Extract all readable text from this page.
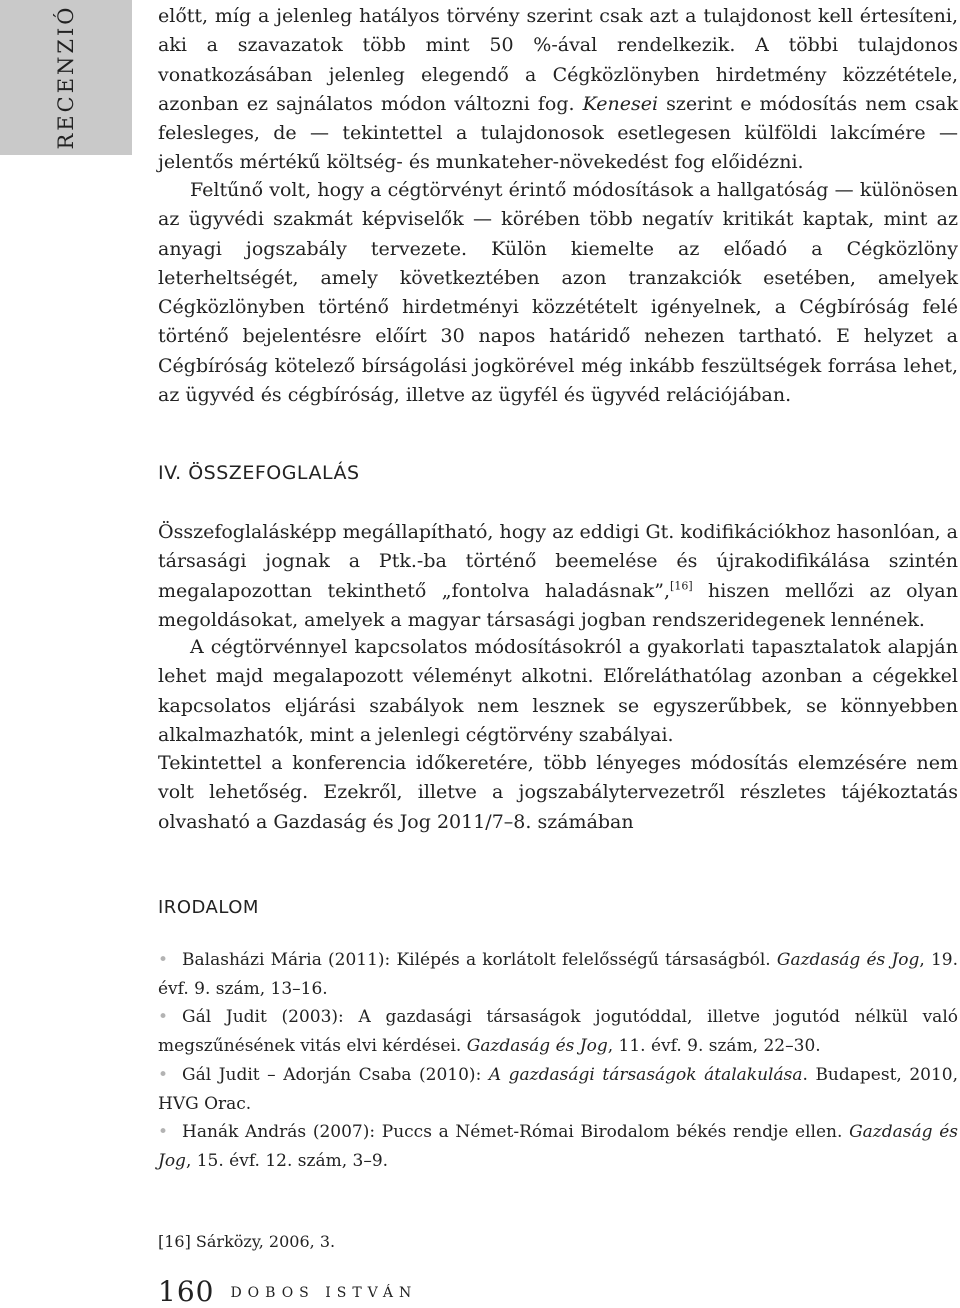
RECENZIÓ	előtt, míg a jelenleg hatályos törvény szerint csak azt a tulajdonost kell értesíteni, aki a szavazatok több mint 50 %-ával rendelkezik. A többi tulajdonos vonatkozásában jelenleg elegendő a Cégközlönyben hirdetmény közzététele, azonban ez sajnálatos módon változni fog. Kenesei szerint e módosítás nem csak felesleges, de — tekintettel a tulajdonosok esetlegesen külföldi lakcímére — jelentős mértékű költség- és munkateher-növekedést fog előidézni.

Feltűnő volt, hogy a cégtörvényt érintő módosítások a hallgatóság — különösen az ügyvédi szakmát képviselők — körében több negatív kritikát kaptak, mint az anyagi jogszabály tervezete. Külön kiemelte az előadó a Cégközlöny leterheltségét, amely következtében azon tranzakciók esetében, amelyek Cégközlönyben történő hirdetményi közzétételt igényelnek, a Cégbíróság felé történő bejelentésre előírt 30 napos határidő nehezen tartható. E helyzet a Cégbíróság kötelező bírságolási jogkörével még inkább feszültségek forrása lehet, az ügyvéd és cégbíróság, illetve az ügyfél és ügyvéd relációjában.

IV. ÖSSZEFOGLALÁS

Összefoglalásképp megállapítható, hogy az eddigi Gt. kodifikációkhoz hasonlóan, a társasági jognak a Ptk.-ba történő beemelése és újrakodifikálása szintén megalapozottan tekinthető „fontolva haladásnak”,[16] hiszen mellőzi az olyan megoldásokat, amelyek a magyar társasági jogban rendszeridegenek lennének.

A cégtörvénnyel kapcsolatos módosításokról a gyakorlati tapasztalatok alapján lehet majd megalapozott véleményt alkotni. Előreláthatólag azonban a cégekkel kapcsolatos eljárási szabályok nem lesznek se egyszerűbbek, se könnyebben alkalmazhatók, mint a jelenlegi cégtörvény szabályai.

Tekintettel a konferencia időkeretére, több lényeges módosítás elemzésére nem volt lehetőség. Ezekről, illetve a jogszabálytervezetről részletes tájékoztatás olvasható a Gazdaság és Jog 2011/7–8. számában

IRODALOM

• Balasházi Mária (2011): Kilépés a korlátolt felelősségű társaságból. Gazdaság és Jog, 19. évf. 9. szám, 13–16.

• Gál Judit (2003): A gazdasági társaságok jogutóddal, illetve jogutód nélkül való megszűnésének vitás elvi kérdései. Gazdaság és Jog, 11. évf. 9. szám, 22–30.

• Gál Judit – Adorján Csaba (2010): A gazdasági társaságok átalakulása. Budapest, 2010, HVG Orac.

• Hanák András (2007): Puccs a Német-Római Birodalom békés rendje ellen. Gazdaság és Jog, 15. évf. 12. szám, 3–9.

[16] Sárközy, 2006, 3.
160 DOBOS ISTVÁN
